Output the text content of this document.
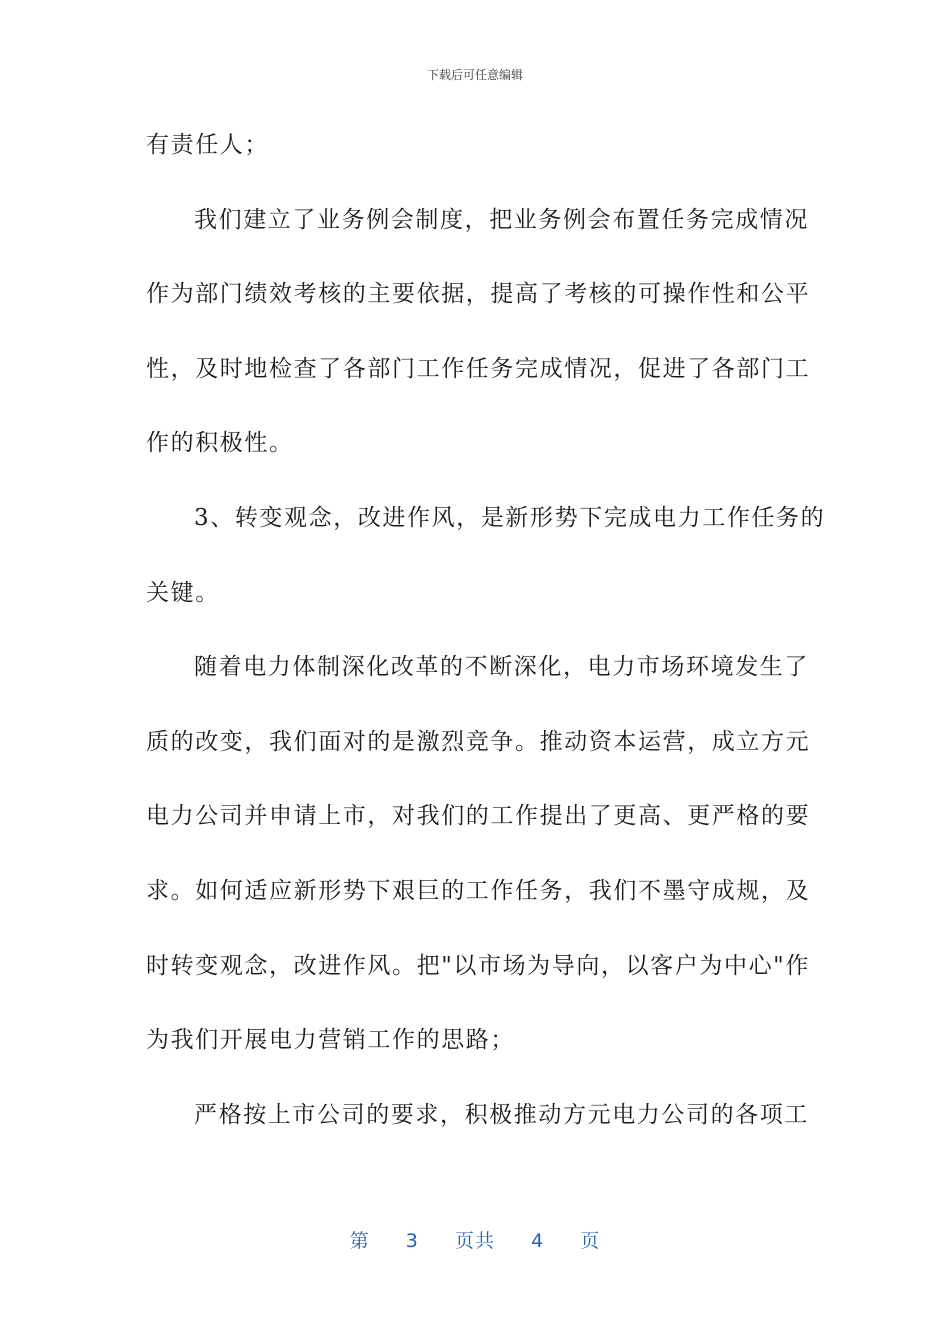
下载后可任意编辑
有责任人；
我们建立了业务例会制度，把业务例会布置任务完成情况
作为部门绩效考核的主要依据，提高了考核的可操作性和公平
性，及时地检查了各部门工作任务完成情况，促进了各部门工
作的积极性。
3、转变观念，改进作风，是新形势下完成电力工作任务的
关键。
随着电力体制深化改革的不断深化，电力市场环境发生了
质的改变，我们面对的是激烈竞争。推动资本运营，成立方元
电力公司并申请上市，对我们的工作提出了更高、更严格的要
求。如何适应新形势下艰巨的工作任务，我们不墨守成规，及
时转变观念，改进作风。把"以市场为导向，以客户为中心"作
为我们开展电力营销工作的思路；
严格按上市公司的要求，积极推动方元电力公司的各项工
第 3 页共 4 页
